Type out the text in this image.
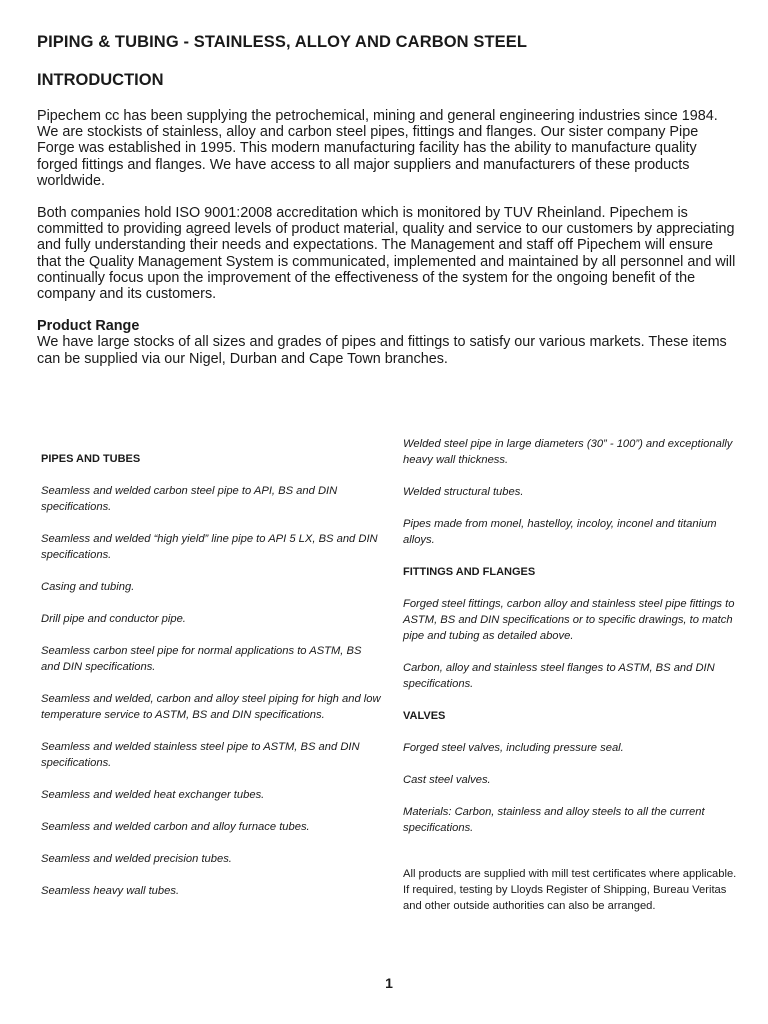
PIPING & TUBING - STAINLESS, ALLOY AND CARBON STEEL
INTRODUCTION

Pipechem cc has been supplying the petrochemical, mining and general engineering industries since 1984. We are stockists of stainless, alloy and carbon steel pipes, fittings and flanges. Our sister company Pipe Forge was established in 1995. This modern manufacturing facility has the ability to manufacture quality forged fittings and flanges. We have access to all major suppliers and manufacturers of these products worldwide.

Both companies hold ISO 9001:2008 accreditation which is monitored by TUV Rheinland. Pipechem is committed to providing agreed levels of product material, quality and service to our customers by appreciating and fully understanding their needs and expectations. The Management and staff off Pipechem will ensure that the Quality Management System is communicated, implemented and maintained by all personnel and will continually focus upon the improvement of the effectiveness of the system for the ongoing benefit of the company and its customers.

Product Range

We have large stocks of all sizes and grades of pipes and fittings to satisfy our various markets. These items can be supplied via our Nigel, Durban and Cape Town branches.

PIPES AND TUBES
Seamless and welded carbon steel pipe to API, BS and DIN specifications.
Seamless and welded “high yield” line pipe to API 5 LX, BS and DIN specifications.
Casing and tubing.
Drill pipe and conductor pipe.
Seamless carbon steel pipe for normal applications to ASTM, BS and DIN specifications.
Seamless and welded, carbon and alloy steel piping for high and low temperature service to ASTM, BS and DIN specifications.
Seamless and welded stainless steel pipe to ASTM, BS and DIN specifications.
Seamless and welded heat exchanger tubes.
Seamless and welded carbon and alloy furnace tubes.
Seamless and welded precision tubes.
Seamless heavy wall tubes.
Welded steel pipe in large diameters (30” - 100”) and exceptionally heavy wall thickness.
Welded structural tubes.
Pipes made from monel, hastelloy, incoloy, inconel and titanium alloys.
FITTINGS AND FLANGES
Forged steel fittings, carbon alloy and stainless steel pipe fittings to ASTM, BS and DIN specifications or to specific drawings, to match pipe and tubing as detailed above.
Carbon, alloy and stainless steel flanges to ASTM, BS and DIN specifications.
VALVES
Forged steel valves, including pressure seal.
Cast steel valves.
Materials: Carbon, stainless and alloy steels to all the current specifications.
All products are supplied with mill test certificates where applicable. If required, testing by Lloyds Register of Shipping, Bureau Veritas and other outside authorities can also be arranged.
1
